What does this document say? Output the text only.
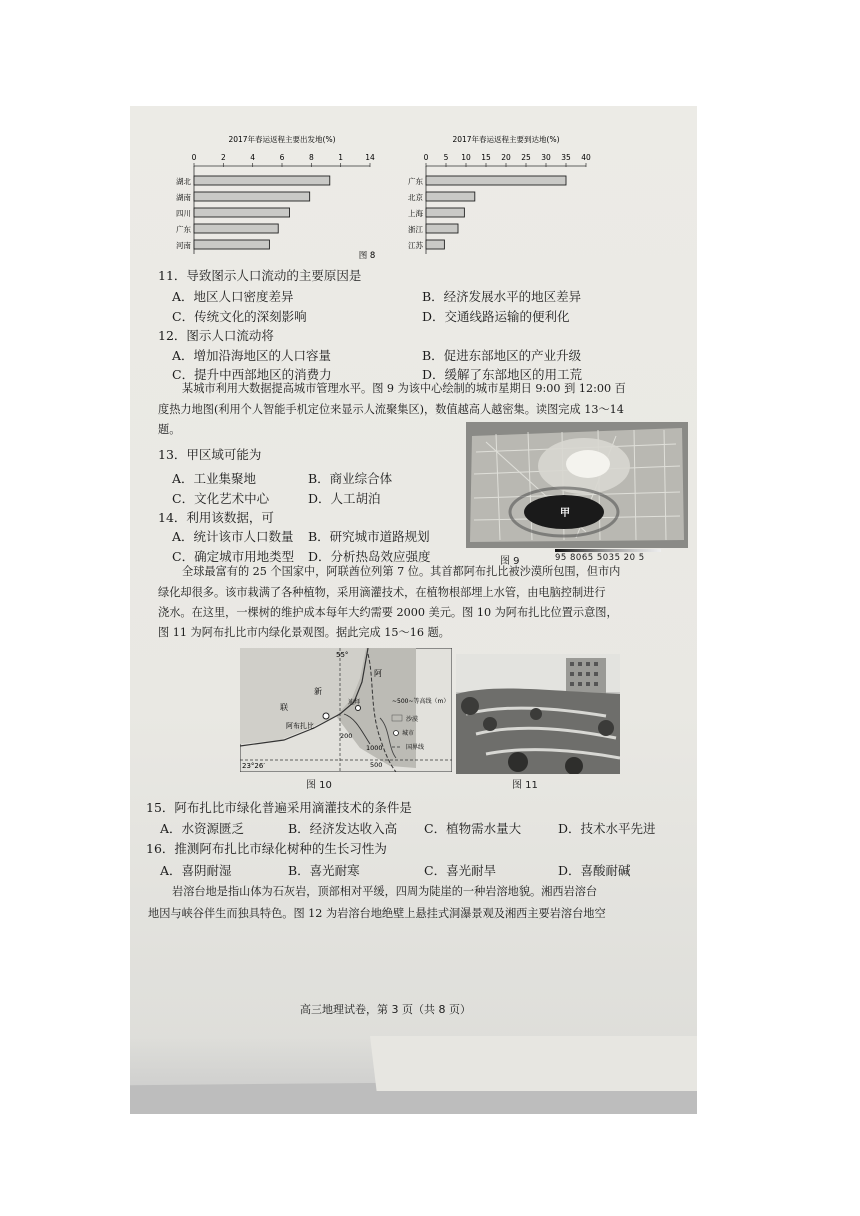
2017年春运返程主要出发地(%)
0	2	4	6	8	1	14
湖北
湖南
四川
广东
河南
图 8
2017年春运返程主要到达地(%)
0 5 10 15 20 25 30 35 40
广东
北京
上海
浙江
江苏
11．导致图示人口流动的主要原因是
A．地区人口密度差异	B．经济发展水平的地区差异
C．传统文化的深刻影响	D．交通线路运输的便利化
12．图示人口流动将
A．增加沿海地区的人口容量	B．促进东部地区的产业升级
C．提升中西部地区的消费力	D．缓解了东部地区的用工荒
某城市利用大数据提高城市管理水平。图 9 为该中心绘制的城市星期日 9:00 到 12:00 百
度热力地图(利用个人智能手机定位来显示人流聚集区)，数值越高人越密集。读图完成 13～14
题。
13．甲区域可能为
A．工业集聚地	B．商业综合体
C．文化艺术中心	D．人工胡泊
14．利用该数据，可
A．统计该市人口数量 B．研究城市道路规划
C．确定城市用地类型 D．分析热岛效应强度
甲
图 9	95 8065 5035 20 5
全球最富有的 25 个国家中，阿联酋位列第 7 位。其首都阿布扎比被沙漠所包围，但市内
绿化却很多。该市栽满了各种植物，采用滴灌技术，在植物根部埋上水管，由电脑控制进行
浇水。在这里，一棵树的维护成本每年大约需要 2000 美元。图 10 为阿布扎比位置示意图，
图 11 为阿布扎比市内绿化景观图。据此完成 15～16 题。
55°
23°26′
阿
联
新
阿布扎比
迪拜
200
1000
500
~500~等高线（m）
沙漠
城市
国界线
图 10	图 11
15．阿布扎比市绿化普遍采用滴灌技术的条件是
A．水资源匮乏	B．经济发达收入高 C．植物需水量大	D．技术水平先进
16．推测阿布扎比市绿化树种的生长习性为
A．喜阴耐湿	B．喜光耐寒	C．喜光耐旱	D．喜酸耐碱
岩溶台地是指山体为石灰岩，顶部相对平缓，四周为陡崖的一种岩溶地貌。湘西岩溶台
地因与峡谷伴生而独具特色。图 12 为岩溶台地绝壁上悬挂式洞瀑景观及湘西主要岩溶台地空
高三地理试卷，第 3 页（共 8 页）
